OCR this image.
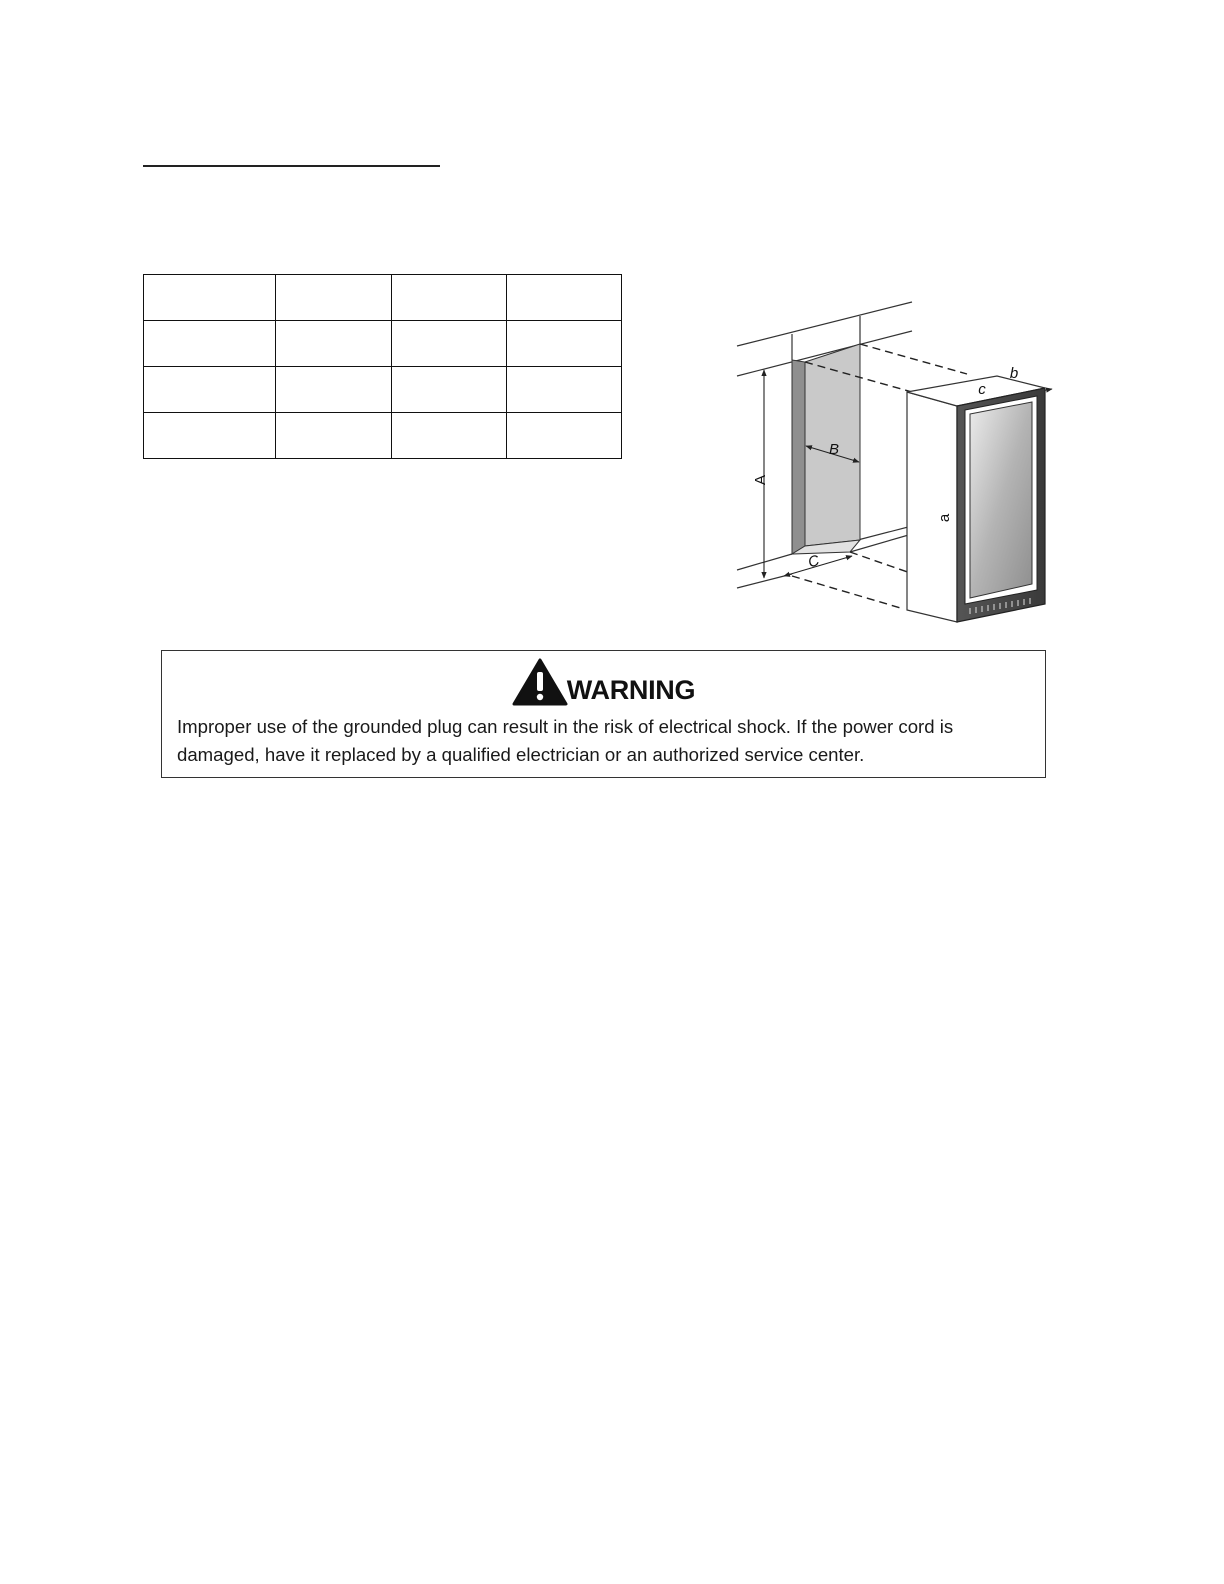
A
B
C
a
b
c
WARNING

Improper use of the grounded plug can result in the risk of electrical shock. If the power cord is damaged, have it replaced by a qualified electrician or an authorized service center.
